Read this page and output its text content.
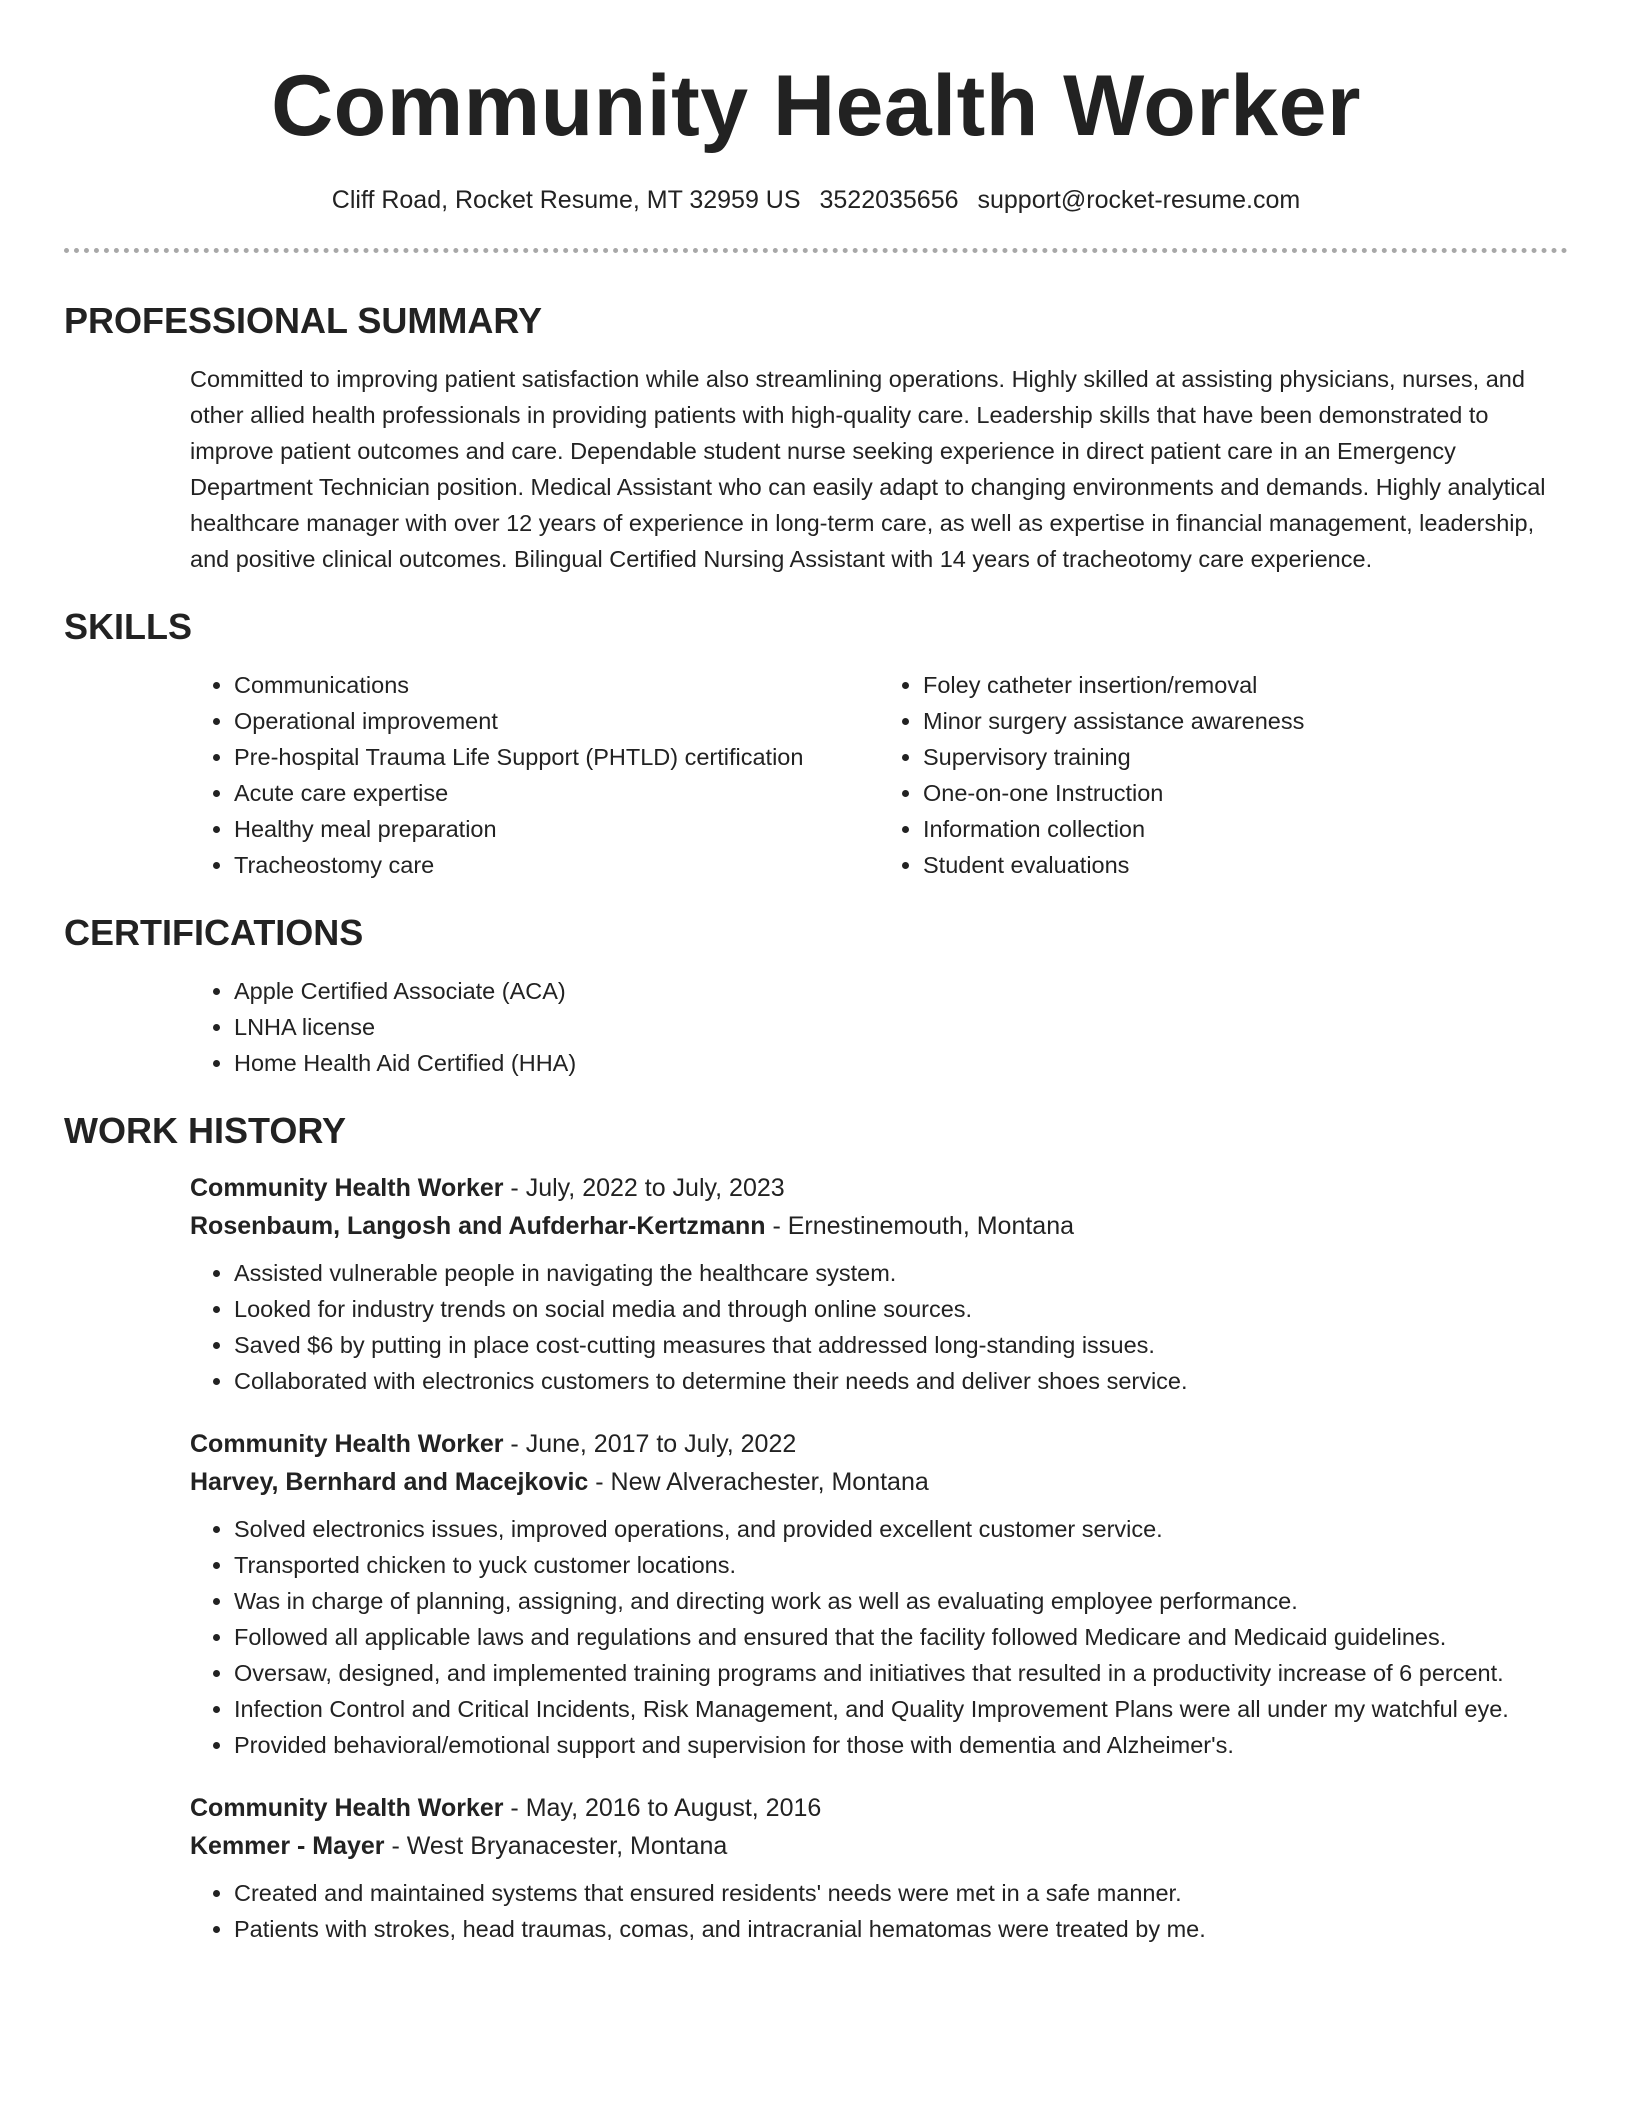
Community Health Worker
Cliff Road, Rocket Resume, MT 32959 US 3522035656 support@rocket-resume.com
PROFESSIONAL SUMMARY

Committed to improving patient satisfaction while also streamlining operations. Highly skilled at assisting physicians, nurses, and other allied health professionals in providing patients with high-quality care. Leadership skills that have been demonstrated to improve patient outcomes and care. Dependable student nurse seeking experience in direct patient care in an Emergency Department Technician position. Medical Assistant who can easily adapt to changing environments and demands. Highly analytical healthcare manager with over 12 years of experience in long-term care, as well as expertise in financial management, leadership, and positive clinical outcomes. Bilingual Certified Nursing Assistant with 14 years of tracheotomy care experience.

SKILLS
• Communications
• Operational improvement
• Pre-hospital Trauma Life Support (PHTLD) certification
• Acute care expertise
• Healthy meal preparation
• Tracheostomy care
• Foley catheter insertion/removal
• Minor surgery assistance awareness
• Supervisory training
• One-on-one Instruction
• Information collection
• Student evaluations
CERTIFICATIONS
• Apple Certified Associate (ACA)
• LNHA license
• Home Health Aid Certified (HHA)
WORK HISTORY
Community Health Worker - July, 2022 to July, 2023
Rosenbaum, Langosh and Aufderhar-Kertzmann - Ernestinemouth, Montana
• Assisted vulnerable people in navigating the healthcare system.
• Looked for industry trends on social media and through online sources.
• Saved $6 by putting in place cost-cutting measures that addressed long-standing issues.
• Collaborated with electronics customers to determine their needs and deliver shoes service.
Community Health Worker - June, 2017 to July, 2022
Harvey, Bernhard and Macejkovic - New Alverachester, Montana
• Solved electronics issues, improved operations, and provided excellent customer service.
• Transported chicken to yuck customer locations.
• Was in charge of planning, assigning, and directing work as well as evaluating employee performance.
• Followed all applicable laws and regulations and ensured that the facility followed Medicare and Medicaid guidelines.
• Oversaw, designed, and implemented training programs and initiatives that resulted in a productivity increase of 6 percent.
• Infection Control and Critical Incidents, Risk Management, and Quality Improvement Plans were all under my watchful eye.
• Provided behavioral/emotional support and supervision for those with dementia and Alzheimer's.
Community Health Worker - May, 2016 to August, 2016
Kemmer - Mayer - West Bryanacester, Montana
• Created and maintained systems that ensured residents' needs were met in a safe manner.
• Patients with strokes, head traumas, comas, and intracranial hematomas were treated by me.
